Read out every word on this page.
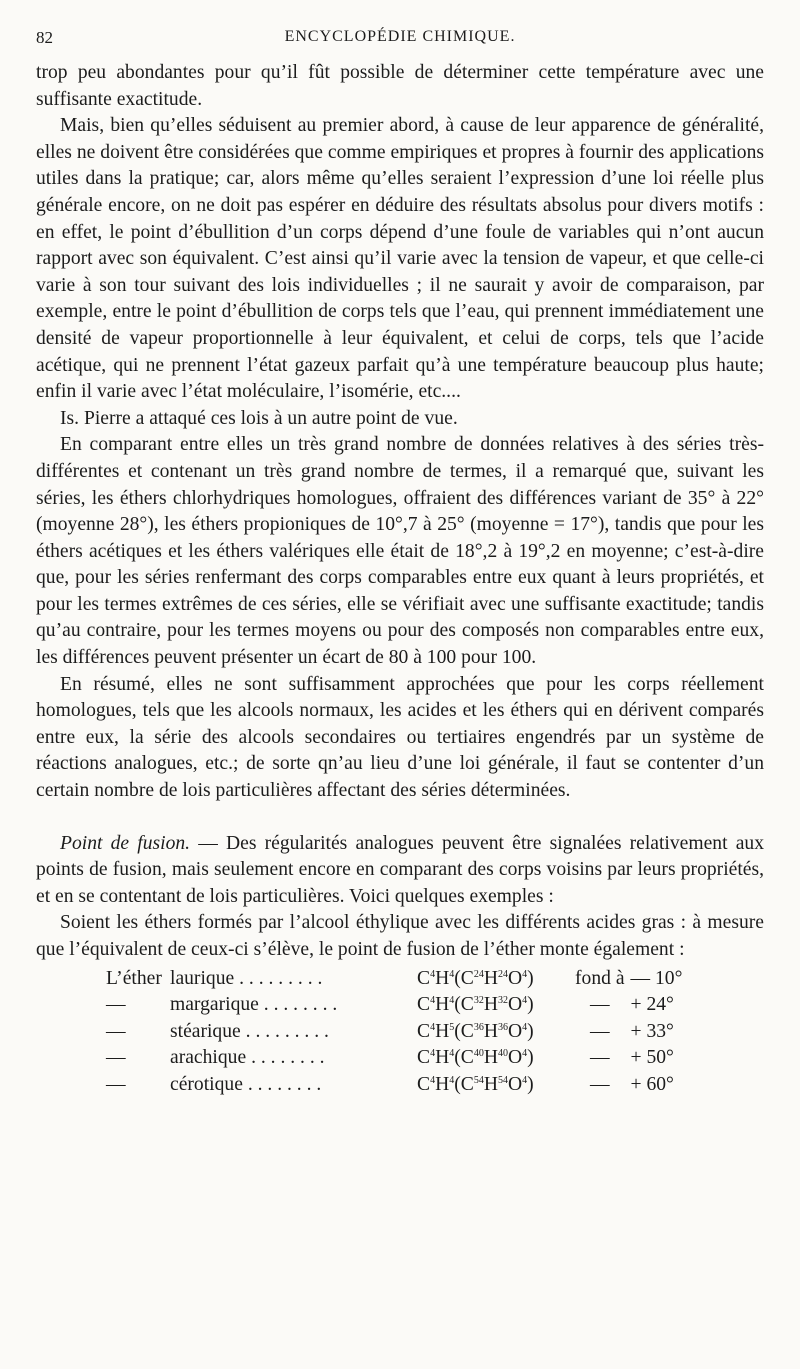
82	ENCYCLOPÉDIE CHIMIQUE.

trop peu abondantes pour qu’il fût possible de déterminer cette température avec une suffisante exactitude.

Mais, bien qu’elles séduisent au premier abord, à cause de leur apparence de généralité, elles ne doivent être considérées que comme empiriques et propres à fournir des applications utiles dans la pratique; car, alors même qu’elles seraient l’expression d’une loi réelle plus générale encore, on ne doit pas espérer en déduire des résultats absolus pour divers motifs : en effet, le point d’ébullition d’un corps dépend d’une foule de variables qui n’ont aucun rapport avec son équivalent. C’est ainsi qu’il varie avec la tension de vapeur, et que celle-ci varie à son tour suivant des lois individuelles ; il ne saurait y avoir de comparaison, par exemple, entre le point d’ébullition de corps tels que l’eau, qui prennent immédiatement une densité de vapeur proportionnelle à leur équivalent, et celui de corps, tels que l’acide acétique, qui ne prennent l’état gazeux parfait qu’à une température beaucoup plus haute; enfin il varie avec l’état moléculaire, l’isomérie, etc....

Is. Pierre a attaqué ces lois à un autre point de vue.

En comparant entre elles un très grand nombre de données relatives à des séries très-différentes et contenant un très grand nombre de termes, il a remarqué que, suivant les séries, les éthers chlorhydriques homologues, offraient des différences variant de 35° à 22° (moyenne 28°), les éthers propioniques de 10°,7 à 25° (moyenne = 17°), tandis que pour les éthers acétiques et les éthers valériques elle était de 18°,2 à 19°,2 en moyenne; c’est-à-dire que, pour les séries renfermant des corps comparables entre eux quant à leurs propriétés, et pour les termes extrêmes de ces séries, elle se vérifiait avec une suffisante exactitude; tandis qu’au contraire, pour les termes moyens ou pour des composés non comparables entre eux, les différences peuvent présenter un écart de 80 à 100 pour 100.

En résumé, elles ne sont suffisamment approchées que pour les corps réellement homologues, tels que les alcools normaux, les acides et les éthers qui en dérivent comparés entre eux, la série des alcools secondaires ou tertiaires engendrés par un système de réactions analogues, etc.; de sorte qn’au lieu d’une loi générale, il faut se contenter d’un certain nombre de lois particulières affectant des séries déterminées.

Point de fusion. — Des régularités analogues peuvent être signalées relativement aux points de fusion, mais seulement encore en comparant des corps voisins par leurs propriétés, et en se contentant de lois particulières. Voici quelques exemples :

Soient les éthers formés par l’alcool éthylique avec les différents acides gras : à mesure que l’équivalent de ceux-ci s’élève, le point de fusion de l’éther monte également :

L’éther laurique . . . . . . . . .	$C^4H^4(C^{24}H^{24}O^4)$	fond à	— 10°
— margarique . . . . . . . .	$C^4H^4(C^{32}H^{32}O^4)$	—	+ 24°
— stéarique . . . . . . . . .	$C^4H^5(C^{36}H^{36}O^4)$	—	+ 33°
— arachique . . . . . . . .	$C^4H^4(C^{40}H^{40}O^4)$	—	+ 50°
— cérotique . . . . . . . .	$C^4H^4(C^{54}H^{54}O^4)$	—	+ 60°
